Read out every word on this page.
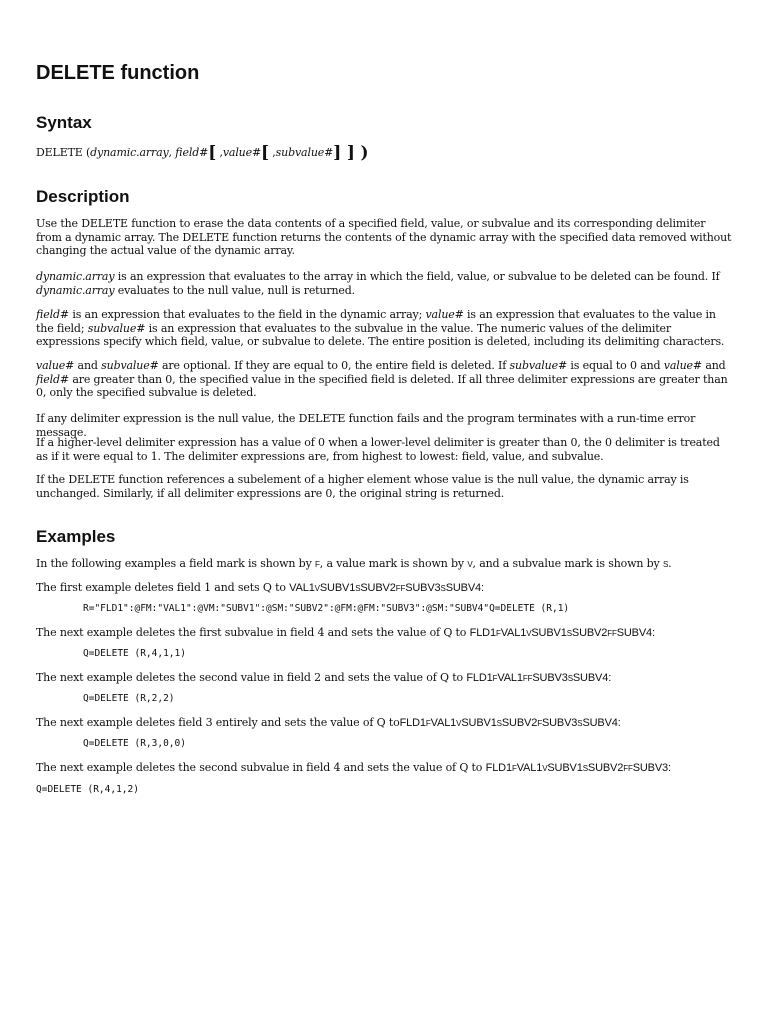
DELETE function
Syntax

DELETE (dynamic.array, field#[ ,value#[ ,subvalue#] ] )

Description

Use the DELETE function to erase the data contents of a specified field, value, or subvalue and its corresponding delimiter from a dynamic array. The DELETE function returns the contents of the dynamic array with the specified data removed without changing the actual value of the dynamic array.

dynamic.array is an expression that evaluates to the array in which the field, value, or subvalue to be deleted can be found. If dynamic.array evaluates to the null value, null is returned.

field# is an expression that evaluates to the field in the dynamic array; value# is an expression that evaluates to the value in the field; subvalue# is an expression that evaluates to the subvalue in the value. The numeric values of the delimiter expressions specify which field, value, or subvalue to delete. The entire position is deleted, including its delimiting characters.

value# and subvalue# are optional. If they are equal to 0, the entire field is deleted. If subvalue# is equal to 0 and value# and field# are greater than 0, the specified value in the specified field is deleted. If all three delimiter expressions are greater than 0, only the specified subvalue is deleted.

If any delimiter expression is the null value, the DELETE function fails and the program terminates with a run-time error message.

If a higher-level delimiter expression has a value of 0 when a lower-level delimiter is greater than 0, the 0 delimiter is treated as if it were equal to 1. The delimiter expressions are, from highest to lowest: field, value, and subvalue.

If the DELETE function references a subelement of a higher element whose value is the null value, the dynamic array is unchanged. Similarly, if all delimiter expressions are 0, the original string is returned.

Examples

In the following examples a field mark is shown by F, a value mark is shown by V, and a subvalue mark is shown by S.

The first example deletes field 1 and sets Q to VAL1VSUBV1SSUBV2FFSUBV3SSUBV4:

R="FLD1":@FM:"VAL1":@VM:"SUBV1":@SM:"SUBV2":@FM:@FM:"SUBV3":@SM:"SUBV4"Q=DELETE (R,1)

The next example deletes the first subvalue in field 4 and sets the value of Q to FLD1FVAL1VSUBV1SSUBV2FFSUBV4:

Q=DELETE (R,4,1,1)

The next example deletes the second value in field 2 and sets the value of Q to FLD1FVAL1FFSUBV3SSUBV4:

Q=DELETE (R,2,2)

The next example deletes field 3 entirely and sets the value of Q toFLD1FVAL1VSUBV1SSUBV2FSUBV3SSUBV4:

Q=DELETE (R,3,0,0)

The next example deletes the second subvalue in field 4 and sets the value of Q to FLD1FVAL1VSUBV1SSUBV2FFSUBV3:

Q=DELETE (R,4,1,2)
